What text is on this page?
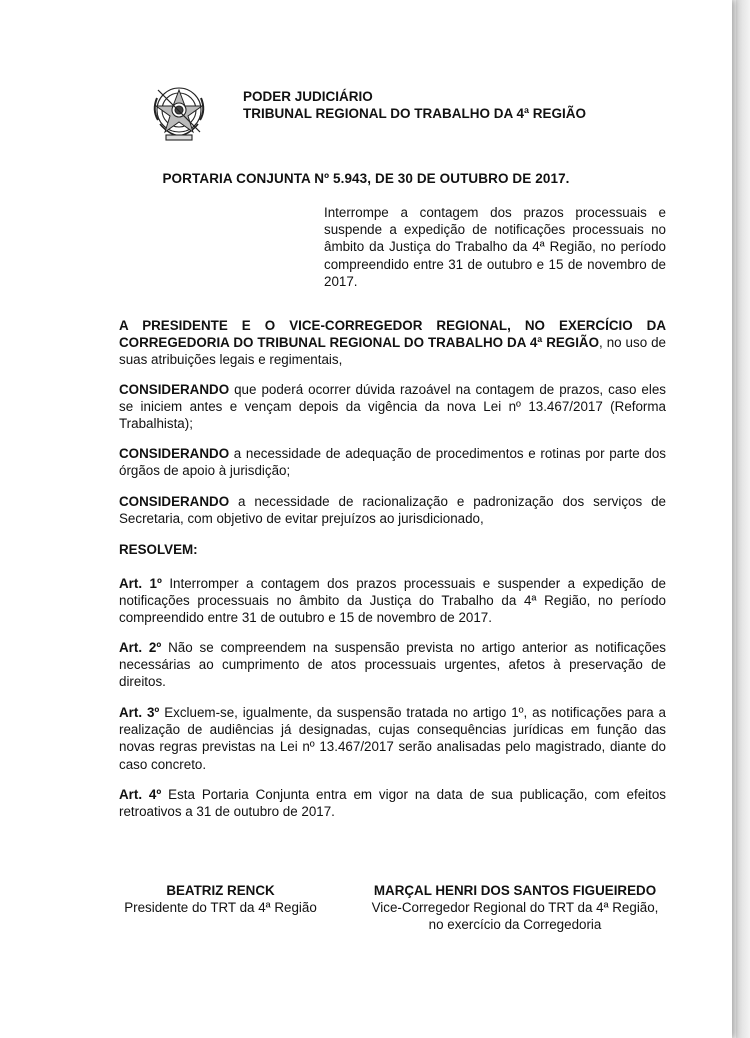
PODER JUDICIÁRIO
TRIBUNAL REGIONAL DO TRABALHO DA 4ª REGIÃO
PORTARIA CONJUNTA Nº 5.943, DE 30 DE OUTUBRO DE 2017.
Interrompe a contagem dos prazos processuais e suspende a expedição de notificações processuais no âmbito da Justiça do Trabalho da 4ª Região, no período compreendido entre 31 de outubro e 15 de novembro de 2017.
A PRESIDENTE E O VICE-CORREGEDOR REGIONAL, NO EXERCÍCIO DA CORREGEDORIA DO TRIBUNAL REGIONAL DO TRABALHO DA 4ª REGIÃO, no uso de suas atribuições legais e regimentais,
CONSIDERANDO que poderá ocorrer dúvida razoável na contagem de prazos, caso eles se iniciem antes e vençam depois da vigência da nova Lei nº 13.467/2017 (Reforma Trabalhista);
CONSIDERANDO a necessidade de adequação de procedimentos e rotinas por parte dos órgãos de apoio à jurisdição;
CONSIDERANDO a necessidade de racionalização e padronização dos serviços de Secretaria, com objetivo de evitar prejuízos ao jurisdicionado,
RESOLVEM:
Art. 1º Interromper a contagem dos prazos processuais e suspender a expedição de notificações processuais no âmbito da Justiça do Trabalho da 4ª Região, no período compreendido entre 31 de outubro e 15 de novembro de 2017.
Art. 2º Não se compreendem na suspensão prevista no artigo anterior as notificações necessárias ao cumprimento de atos processuais urgentes, afetos à preservação de direitos.
Art. 3º Excluem-se, igualmente, da suspensão tratada no artigo 1º, as notificações para a realização de audiências já designadas, cujas consequências jurídicas em função das novas regras previstas na Lei nº 13.467/2017 serão analisadas pelo magistrado, diante do caso concreto.
Art. 4º Esta Portaria Conjunta entra em vigor na data de sua publicação, com efeitos retroativos a 31 de outubro de 2017.
BEATRIZ RENCK
Presidente do TRT da 4ª Região
MARÇAL HENRI DOS SANTOS FIGUEIREDO
Vice-Corregedor Regional do TRT da 4ª Região,
no exercício da Corregedoria
